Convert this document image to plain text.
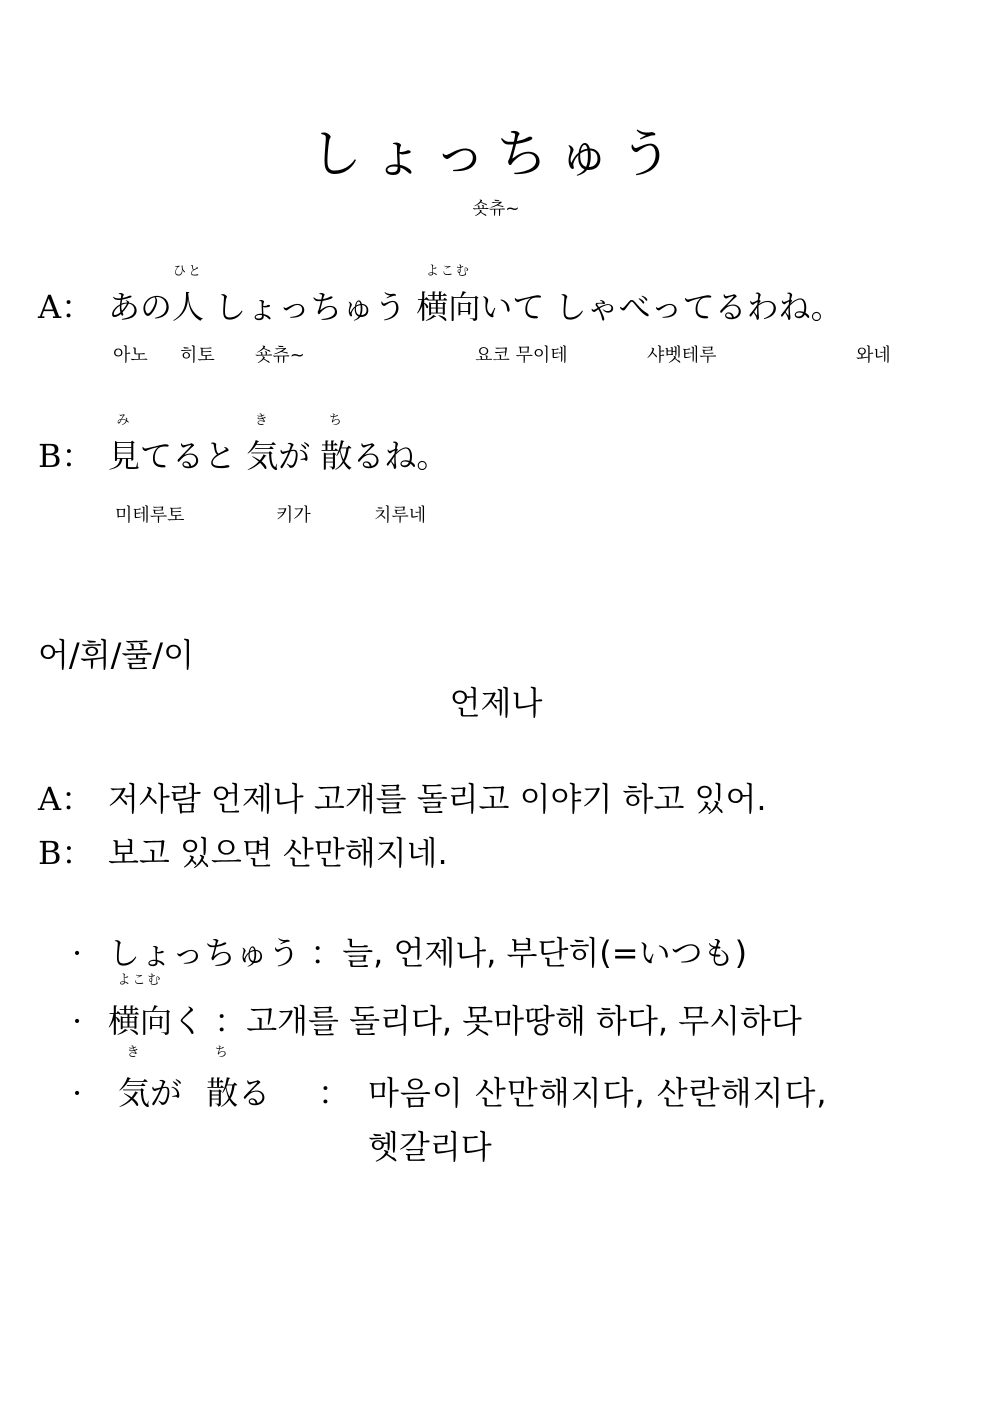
しょっちゅう
숏츄~
A： あの
ひと
人 しょっちゅう
よこむ
横向いて しゃべってるわね。
아노 히토 숏츄~	요코 무이테	샤벳테루	와네
B：
み
見てると
き
気が
ち
散るね。
미테루토	키가	치루네
어/휘/풀/이
언제나
A： 저사람 언제나 고개를 돌리고 이야기 하고 있어.
B： 보고 있으면 산만해지네.
· しょっちゅう ：늘, 언제나, 부단히(=いつも)
·
よこむ
横向く ：고개를 돌리다, 못마땅해 하다, 무시하다
·
き
気が
ち
散る ： 마음이 산만해지다, 산란해지다,
헷갈리다
